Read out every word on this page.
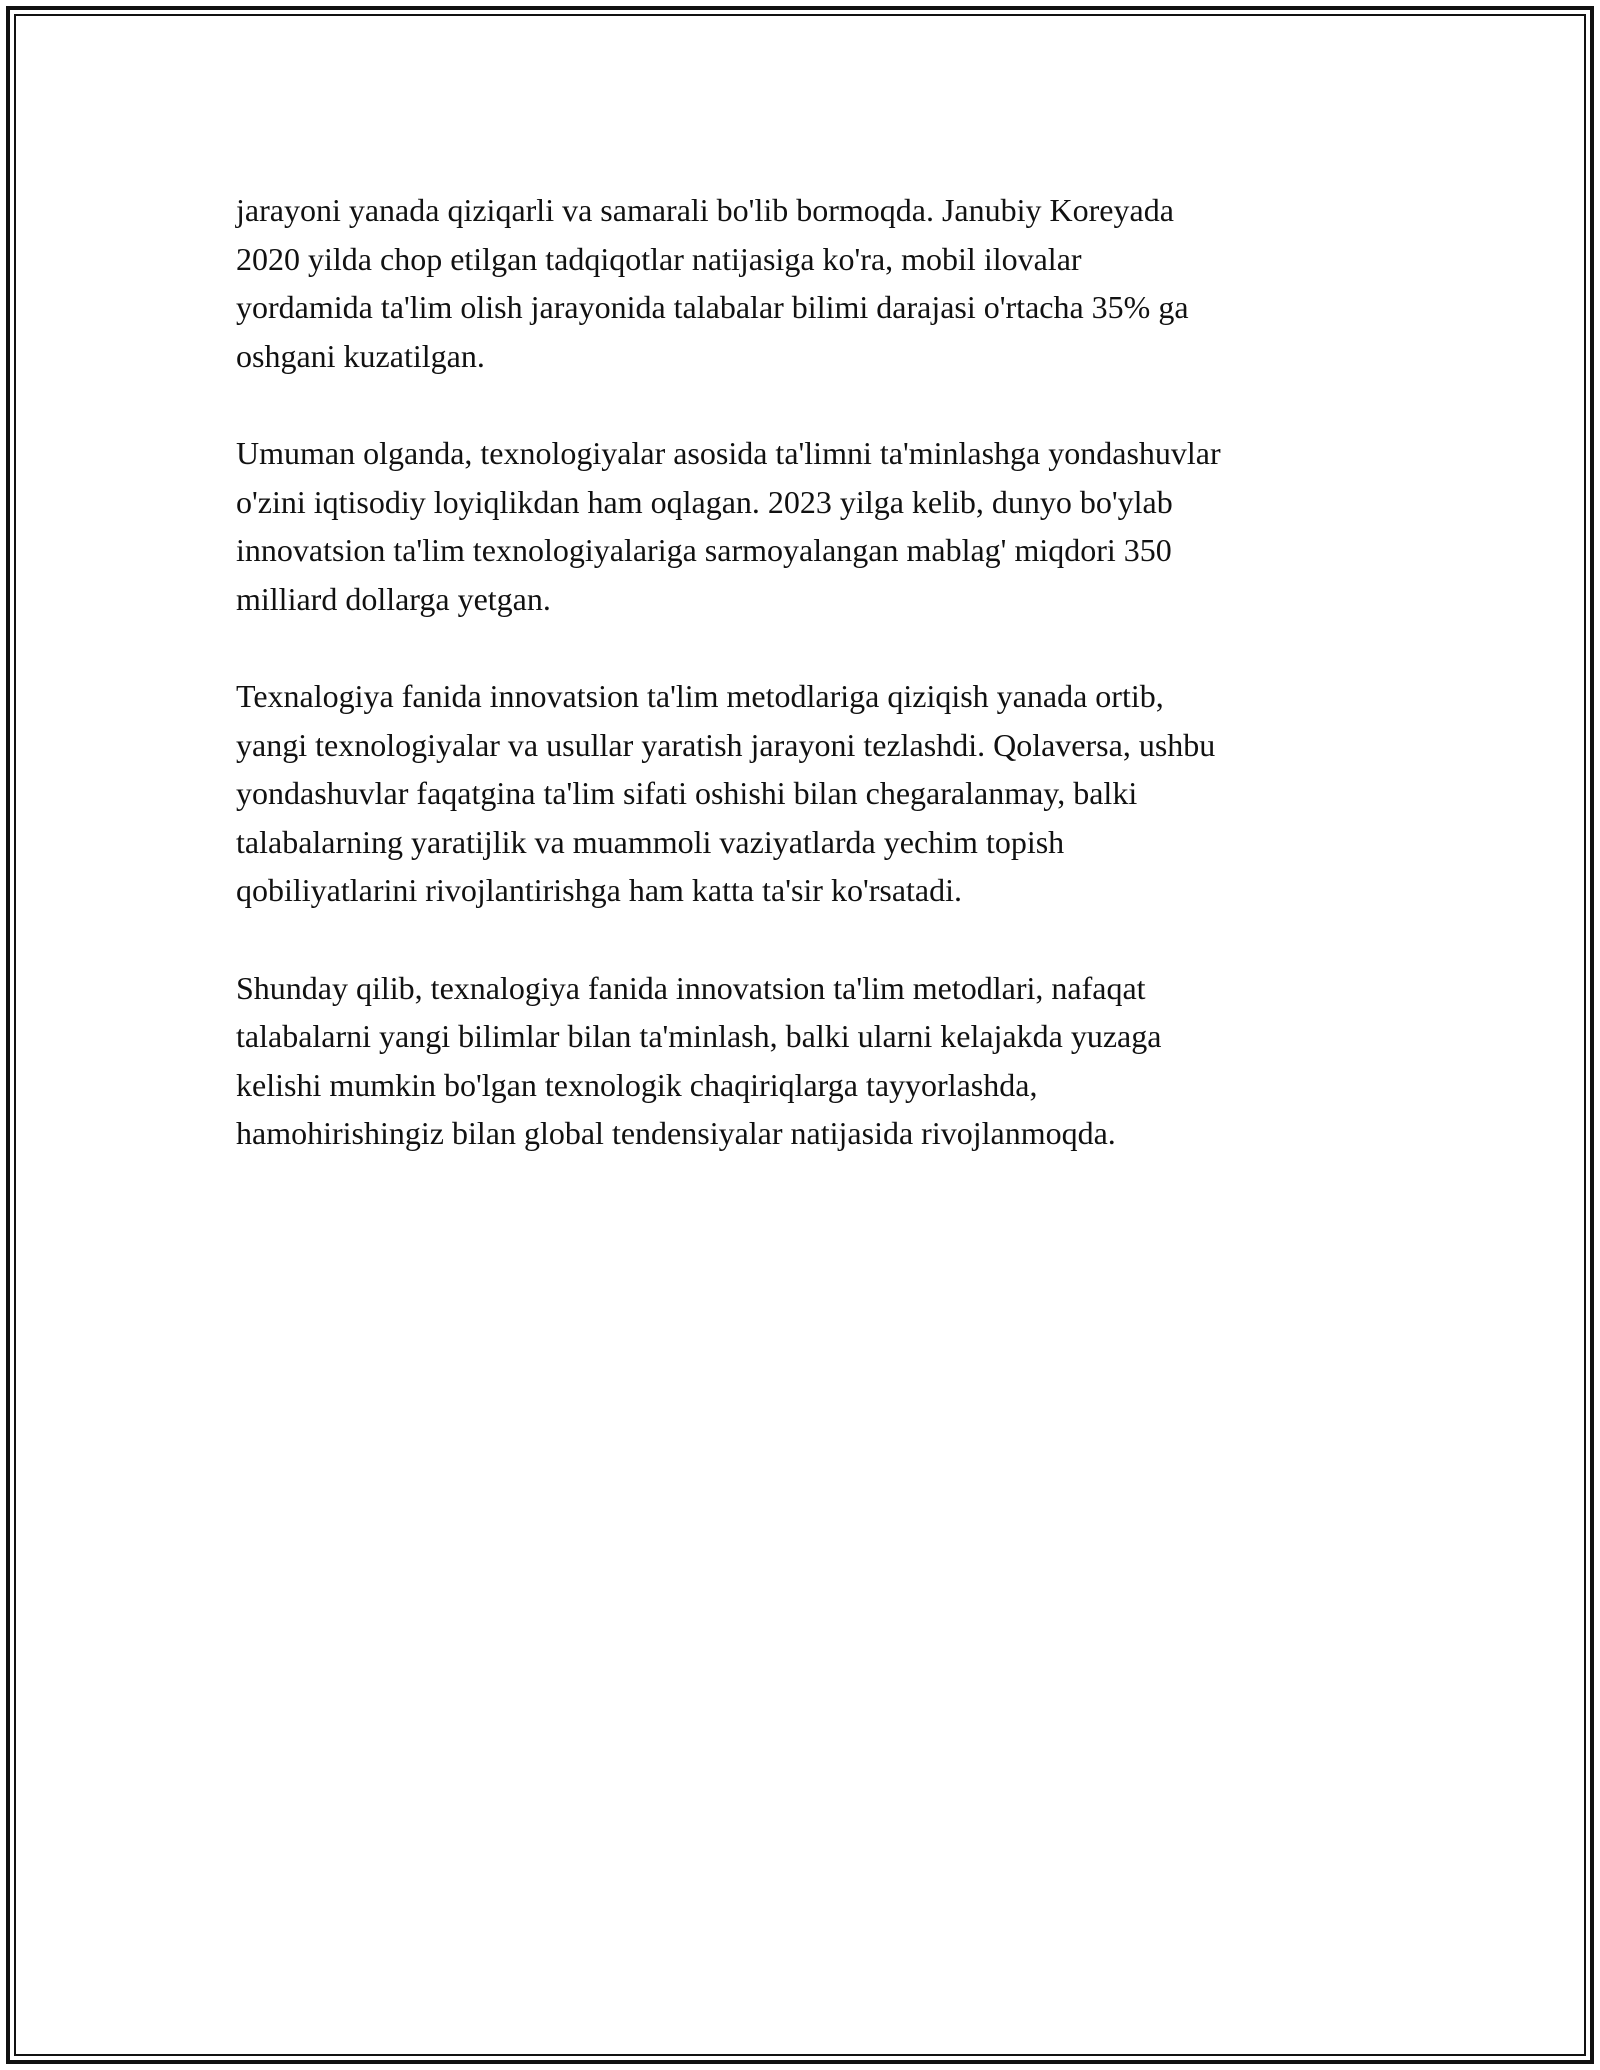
jarayoni yanada qiziqarli va samarali bo'lib bormoqda. Janubiy Koreyada
2020 yilda chop etilgan tadqiqotlar natijasiga ko'ra, mobil ilovalar
yordamida ta'lim olish jarayonida talabalar bilimi darajasi o'rtacha 35% ga
oshgani kuzatilgan.

Umuman olganda, texnologiyalar asosida ta'limni ta'minlashga yondashuvlar
o'zini iqtisodiy loyiqlikdan ham oqlagan. 2023 yilga kelib, dunyo bo'ylab
innovatsion ta'lim texnologiyalariga sarmoyalangan mablag' miqdori 350
milliard dollarga yetgan.

Texnalogiya fanida innovatsion ta'lim metodlariga qiziqish yanada ortib,
yangi texnologiyalar va usullar yaratish jarayoni tezlashdi. Qolaversa, ushbu
yondashuvlar faqatgina ta'lim sifati oshishi bilan chegaralanmay, balki
talabalarning yaratijlik va muammoli vaziyatlarda yechim topish
qobiliyatlarini rivojlantirishga ham katta ta'sir ko'rsatadi.

Shunday qilib, texnalogiya fanida innovatsion ta'lim metodlari, nafaqat
talabalarni yangi bilimlar bilan ta'minlash, balki ularni kelajakda yuzaga
kelishi mumkin bo'lgan texnologik chaqiriqlarga tayyorlashda,
hamohirishingiz bilan global tendensiyalar natijasida rivojlanmoqda.
